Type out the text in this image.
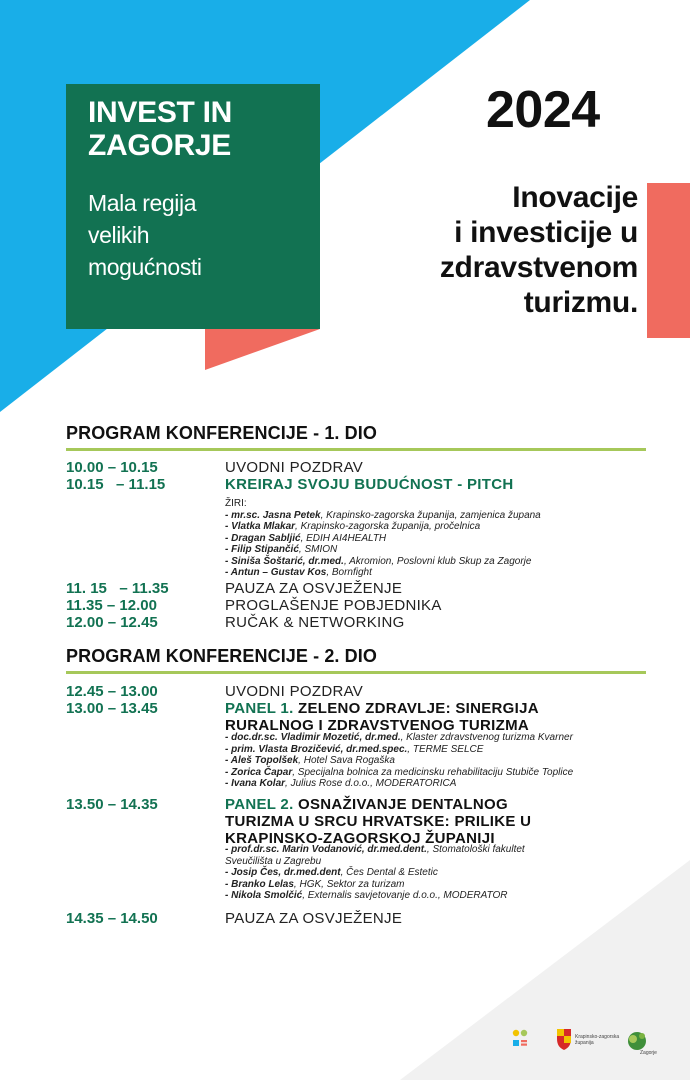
INVEST IN
ZAGORJE
Mala regija
velikih
mogućnosti
2024
Inovacije
i investicije u
zdravstvenom
turizmu.
PROGRAM KONFERENCIJE - 1. DIO
10.00 – 10.15	UVODNI POZDRAV
10.15   – 11.15	KREIRAJ SVOJU BUDUĆNOST - PITCH
ŽIRI:
- mr.sc. Jasna Petek, Krapinsko-zagorska županija, zamjenica župana
- Vlatka Mlakar, Krapinsko-zagorska županija, pročelnica
- Dragan Sabljić, EDIH AI4HEALTH
- Filip Stipančić, SMION
- Siniša Šoštarić, dr.med., Akromion, Poslovni klub Skup za Zagorje
- Antun – Gustav Kos, Bornfight
11. 15   – 11.35	PAUZA ZA OSVJEŽENJE
11.35 – 12.00	PROGLAŠENJE POBJEDNIKA
12.00 – 12.45	RUČAK & NETWORKING
PROGRAM KONFERENCIJE - 2. DIO
12.45 – 13.00	UVODNI POZDRAV
13.00 – 13.45	PANEL 1. ZELENO ZDRAVLJE: SINERGIJA
RURALNOG I ZDRAVSTVENOG TURIZMA
- doc.dr.sc. Vladimir Mozetić, dr.med., Klaster zdravstvenog turizma Kvarner
- prim. Vlasta Brozičević, dr.med.spec., TERME SELCE
- Aleš Topolšek, Hotel Sava Rogaška
- Zorica Čapar, Specijalna bolnica za medicinsku rehabilitaciju Stubiče Toplice
- Ivana Kolar, Julius Rose d.o.o., MODERATORICA
13.50 – 14.35	PANEL 2. OSNAŽIVANJE DENTALNOG
TURIZMA U SRCU HRVATSKE: PRILIKE U
KRAPINSKO-ZAGORSKOJ ŽUPANIJI
- prof.dr.sc. Marin Vodanović, dr.med.dent., Stomatološki fakultet
Sveučilišta u Zagrebu
- Josip Čes, dr.med.dent, Čes Dental & Estetic
- Branko Lelas, HGK, Sektor za turizam
- Nikola Smolčić, Externalis savjetovanje d.o.o., MODERATOR
14.35 – 14.50	PAUZA ZA OSVJEŽENJE
Krapinsko-zagorska
županija
Zagorje
